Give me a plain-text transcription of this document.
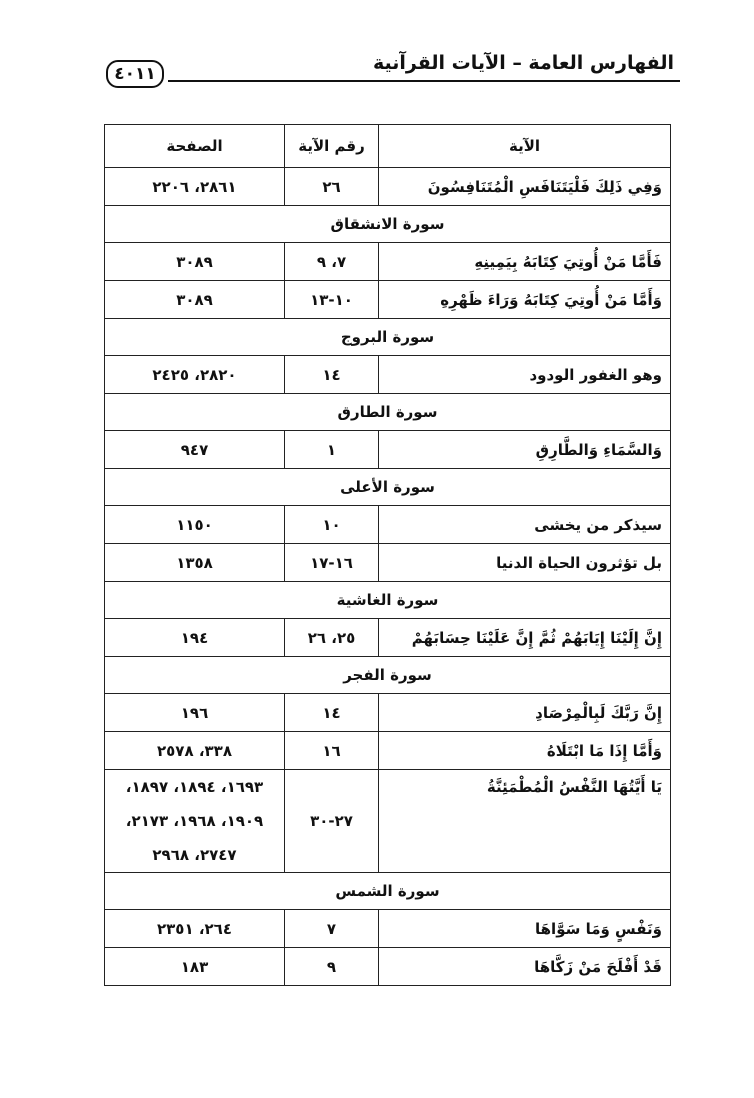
٤٠١١	الفهارس العامة – الآيات القرآنية
الآية	رقم الآية	الصفحة
وَفِي ذَلِكَ فَلْيَتَنَافَسِ الْمُتَنَافِسُونَ	٢٦	٢٨٦١، ٢٢٠٦
سورة الانشقاق		
فَأَمَّا مَنْ أُوتِيَ كِتَابَهُ بِيَمِينِهِ	٧، ٩	٣٠٨٩
وَأَمَّا مَنْ أُوتِيَ كِتَابَهُ وَرَاءَ ظَهْرِهِ	١٠-١٣	٣٠٨٩
سورة البروج		
وهو الغفور الودود	١٤	٢٨٢٠، ٢٤٢٥
سورة الطارق		
وَالسَّمَاءِ وَالطَّارِقِ	١	٩٤٧
سورة الأعلى		
سيذكر من يخشى	١٠	١١٥٠
بل تؤثرون الحياة الدنيا	١٦-١٧	١٣٥٨
سورة الغاشية		
إِنَّ إِلَيْنَا إِيَابَهُمْ ثُمَّ إِنَّ عَلَيْنَا حِسَابَهُمْ	٢٥، ٢٦	١٩٤
سورة الفجر		
إِنَّ رَبَّكَ لَبِالْمِرْصَادِ	١٤	١٩٦
وَأَمَّا إِذَا مَا ابْتَلَاهُ	١٦	٣٣٨، ٢٥٧٨
يَا أَيَّتُهَا النَّفْسُ الْمُطْمَئِنَّةُ	٢٧-٣٠	١٦٩٣، ١٨٩٤، ١٨٩٧،
١٩٠٩، ١٩٦٨، ٢١٧٣،
٢٧٤٧، ٢٩٦٨

سورة الشمس		
وَنَفْسٍ وَمَا سَوَّاهَا	٧	٢٦٤، ٢٣٥١
قَدْ أَفْلَحَ مَنْ زَكَّاهَا	٩	١٨٣
